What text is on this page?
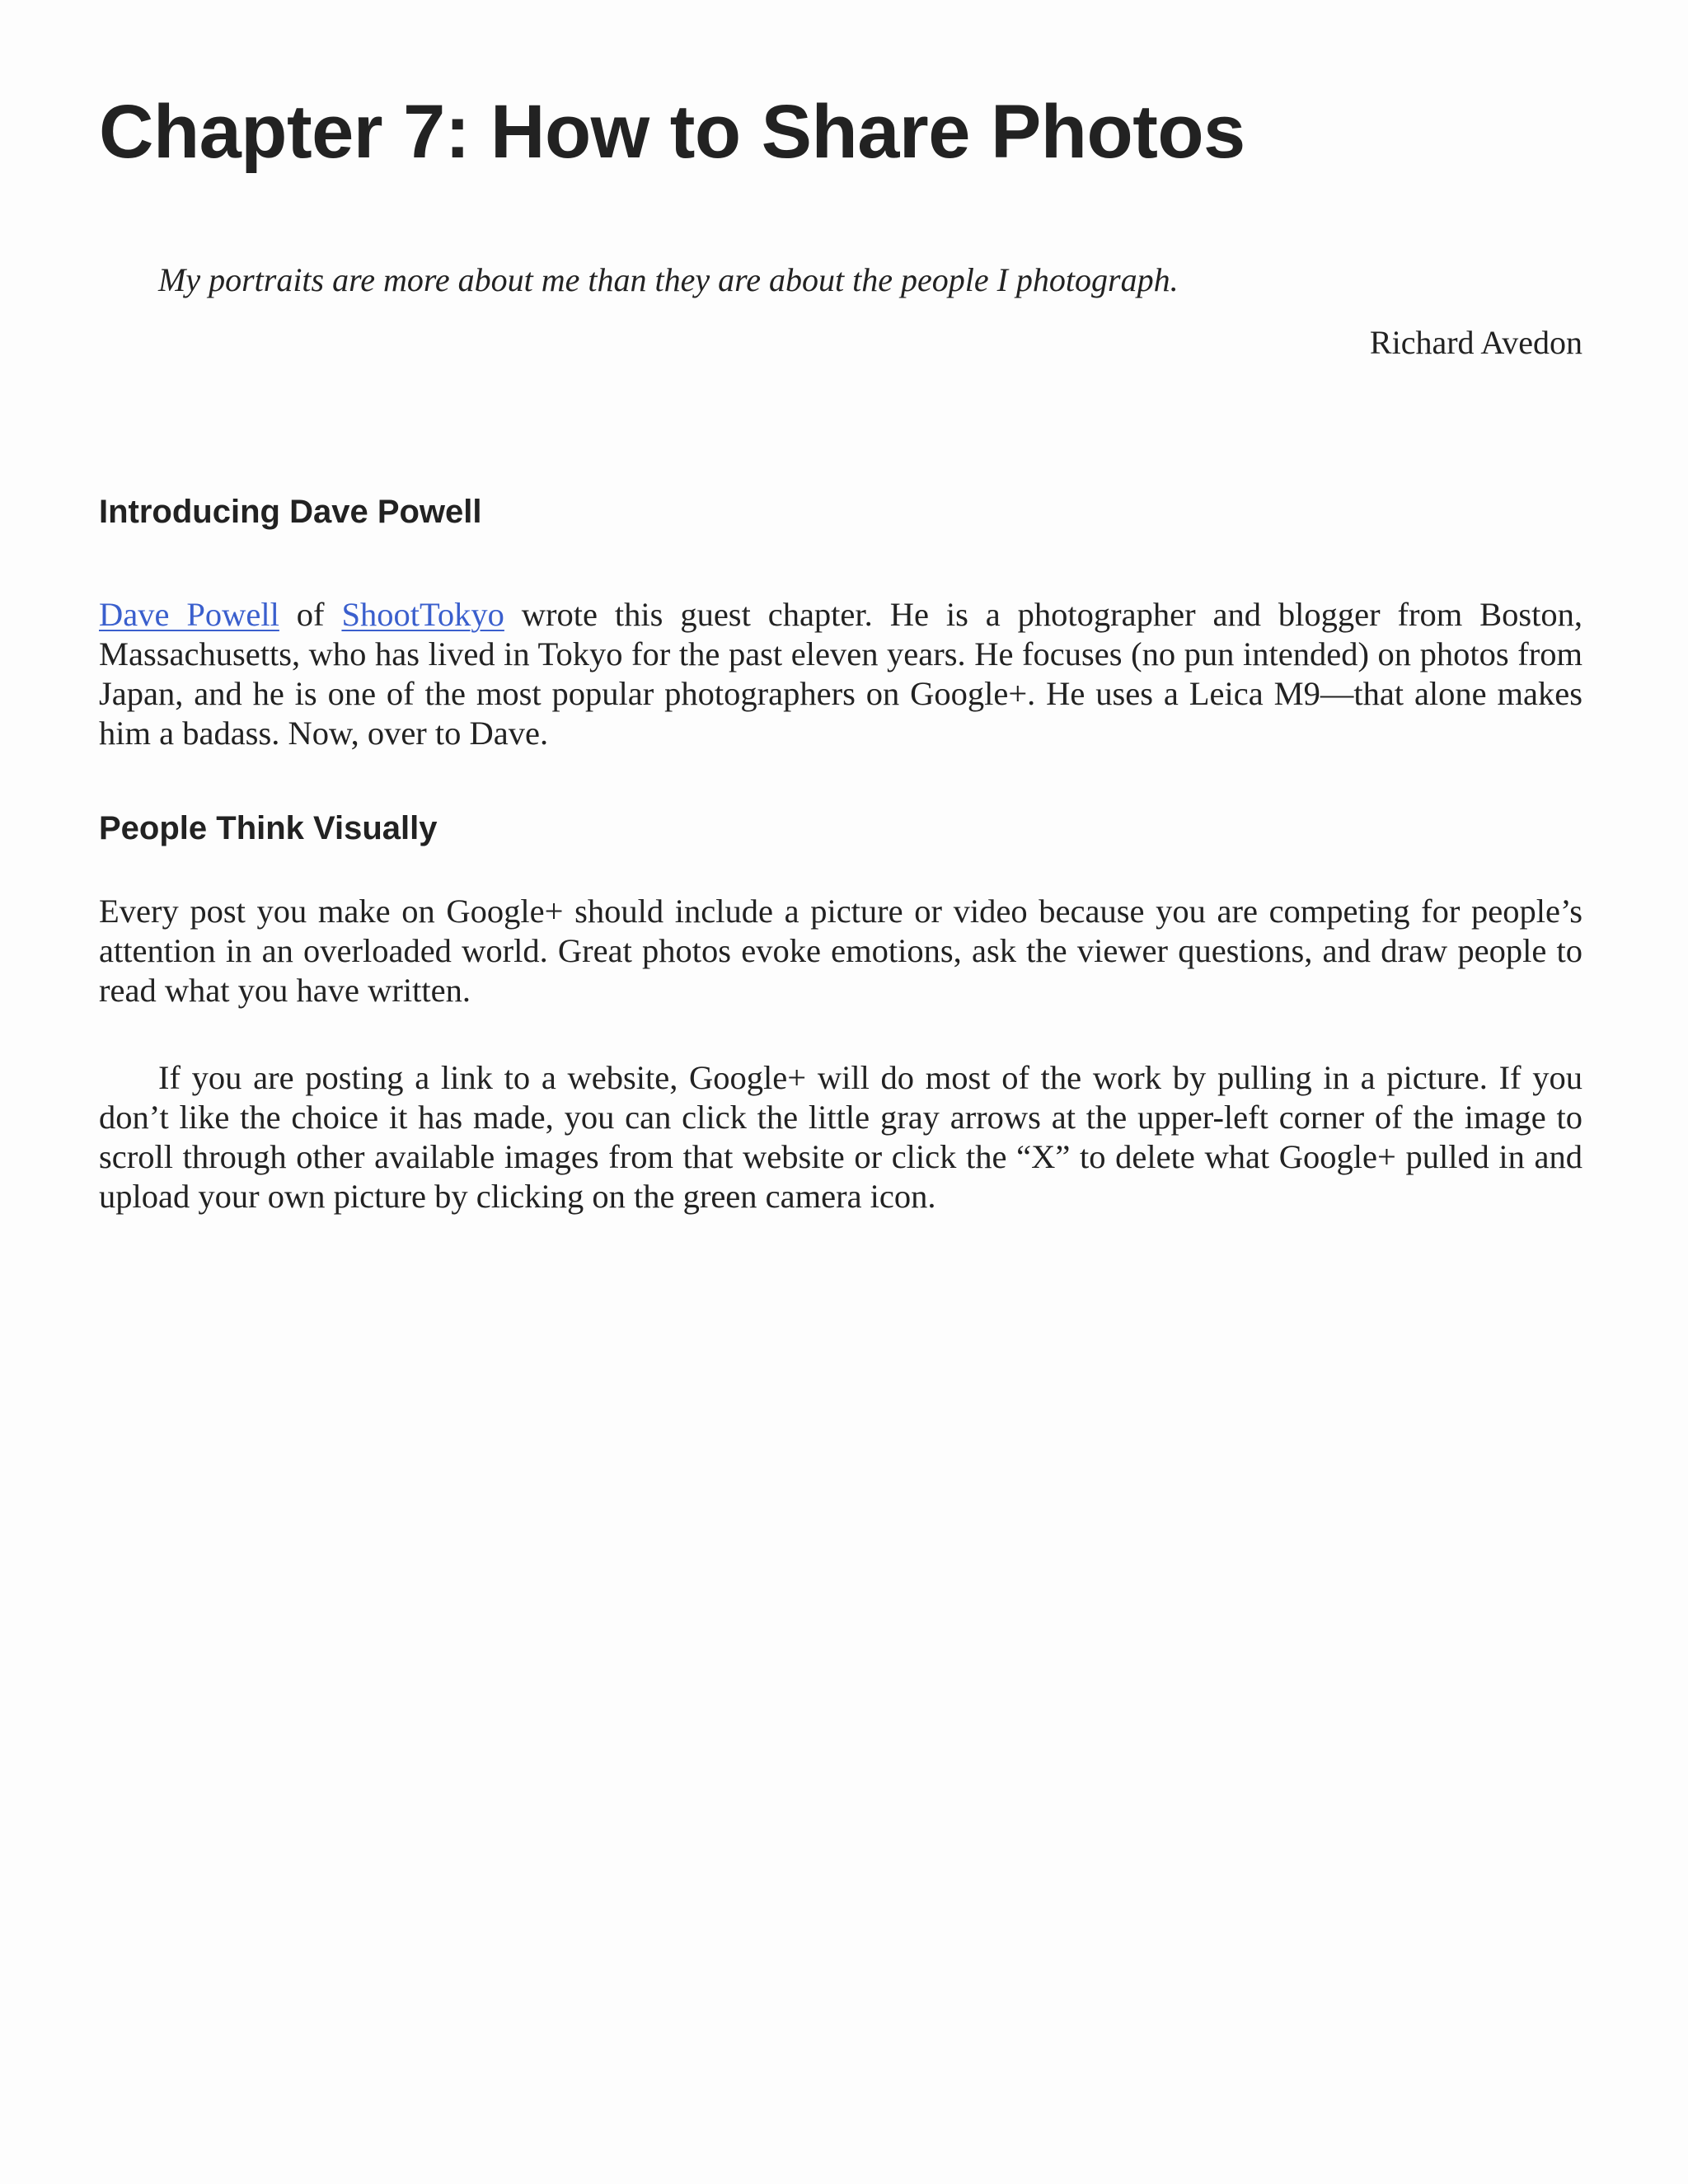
Chapter 7: How to Share Photos

My portraits are more about me than they are about the people I photograph.

Richard Avedon

Introducing Dave Powell

Dave Powell of ShootTokyo wrote this guest chapter. He is a photographer and blogger from Boston, Massachusetts, who has lived in Tokyo for the past eleven years. He focuses (no pun intended) on photos from Japan, and he is one of the most popular photographers on Google+. He uses a Leica M9—that alone makes him a badass. Now, over to Dave.

People Think Visually

Every post you make on Google+ should include a picture or video because you are competing for people’s attention in an overloaded world. Great photos evoke emotions, ask the viewer questions, and draw people to read what you have written.

If you are posting a link to a website, Google+ will do most of the work by pulling in a picture. If you don’t like the choice it has made, you can click the little gray arrows at the upper-left corner of the image to scroll through other available images from that website or click the “X” to delete what Google+ pulled in and upload your own picture by clicking on the green camera icon.
